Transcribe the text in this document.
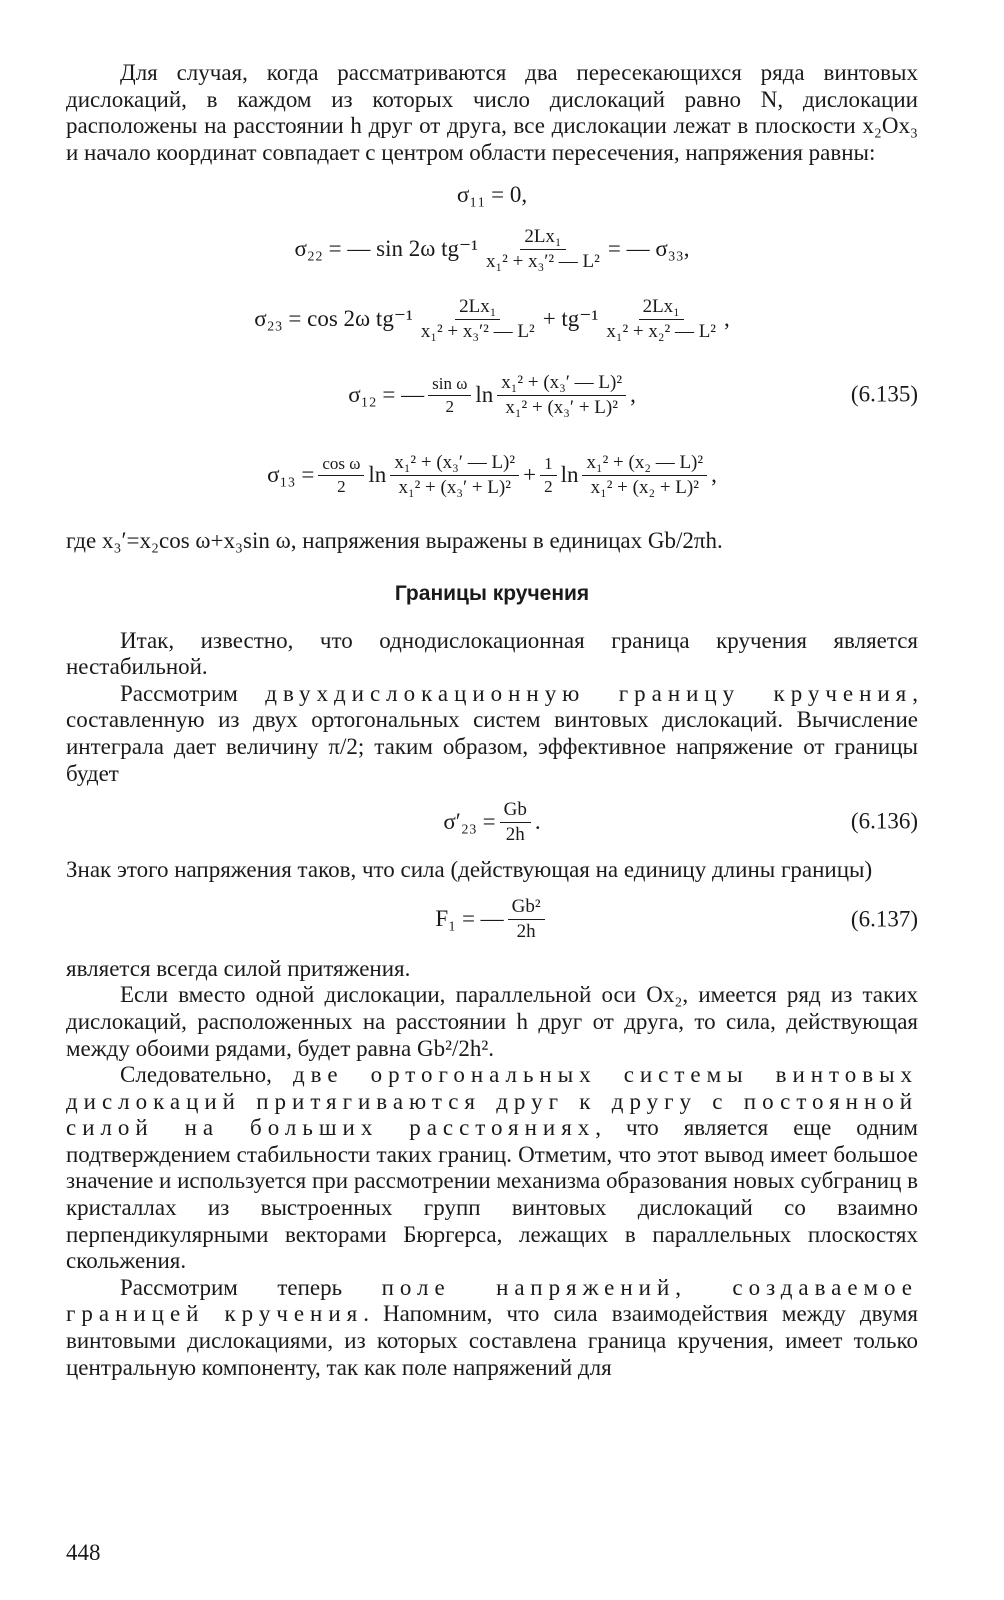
Для случая, когда рассматриваются два пересекающихся ряда винтовых дислокаций, в каждом из которых число дислокаций равно N, дислокации расположены на расстоянии h друг от друга, все дислокации лежат в плоскости x₂Ox₃ и начало координат совпадает с центром области пересечения, напряжения равны:

σ₁₁ = 0,
σ₂₂ = — sin 2ω $tg^{-1} \frac{\text{2Lx₁}}{\text{x₁² + x₃′² — L²}}$ = — σ₃₃,
σ₂₃ = cos 2ω $tg^{-1} \frac{\text{2Lx₁}}{\text{x₁² + x₃′² — L²}} + tg^{-1} \frac{\text{2Lx₁}}{\text{x₁² + x₂² — L²}}$ ,
σ₁₂ = — $\frac{\text{sin ω}}{2}$ $\ln \frac{\text{x₁² + (x₃′ — L)²}}{\text{x₁² + (x₃′ + L)²}}$ ,	(6.135)
$\sigma_{13} = \frac{\text{cos ω}}{2}$ $\ln \frac{\text{x₁² + (x₃′ — L)²}}{\text{x₁² + (x₃′ + L)²}} + \frac{1}{2}$ $\ln \frac{\text{x₁² + (x₂ — L)²}}{\text{x₁² + (x₂ + L)²}}$ ,

где x₃′=x₂cos ω+x₃sin ω, напряжения выражены в единицах Gb/2πh.

Границы кручения

Итак, известно, что однодислокационная граница кручения является нестабильной.

Рассмотрим двухдислокационную границу кручения, составленную из двух ортогональных систем винтовых дислокаций. Вычисление интеграла дает величину π/2; таким образом, эффективное напряжение от границы будет

$\sigma'_{23} = \frac{Gb}{2h}$ .	(6.136)

Знак этого напряжения таков, что сила (действующая на единицу длины границы)

F₁ = — $\frac{\text{Gb²}}{2h}$	(6.137)

является всегда силой притяжения.

Если вместо одной дислокации, параллельной оси Ox₂, имеется ряд из таких дислокаций, расположенных на расстоянии h друг от друга, то сила, действующая между обоими рядами, будет равна Gb²/2h².

Следовательно, две ортогональных системы винтовых дислокаций притягиваются друг к другу с постоянной силой на больших расстояниях, что является еще одним подтверждением стабильности таких границ. Отметим, что этот вывод имеет большое значение и используется при рассмотрении механизма образования новых субграниц в кристаллах из выстроенных групп винтовых дислокаций со взаимно перпендикулярными векторами Бюргерса, лежащих в параллельных плоскостях скольжения.

Рассмотрим теперь поле напряжений, создаваемое границей кручения. Напомним, что сила взаимодействия между двумя винтовыми дислокациями, из которых составлена граница кручения, имеет только центральную компоненту, так как поле напряжений для

448
